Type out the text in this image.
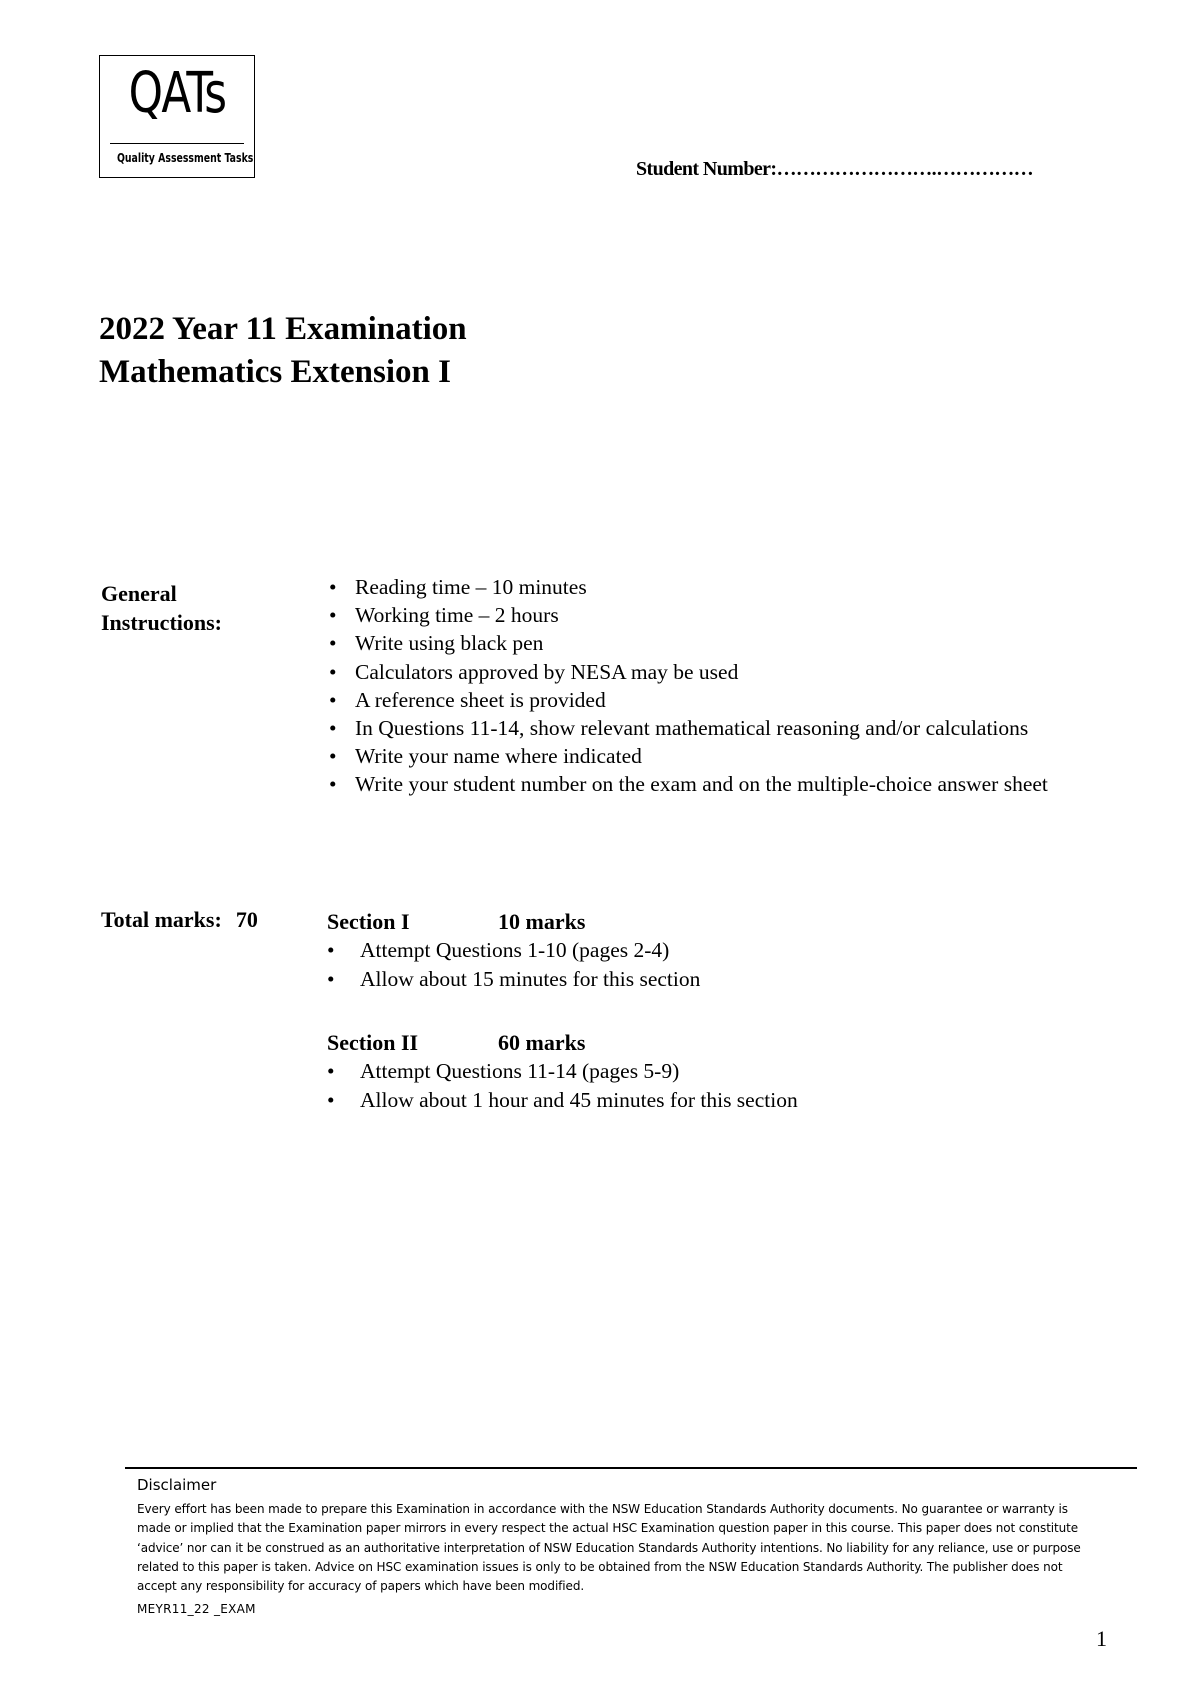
QATs
Quality Assessment Tasks	Student Number:…………………….……………
2022 Year 11 Examination
Mathematics Extension I
General
Instructions:
• Reading time – 10 minutes
• Working time – 2 hours
• Write using black pen
• Calculators approved by NESA may be used
• A reference sheet is provided
• In Questions 11-14, show relevant mathematical reasoning and/or calculations
• Write your name where indicated
• Write your student number on the exam and on the multiple-choice answer sheet
Total marks: 70	Section I	10 marks
• Attempt Questions 1-10 (pages 2-4)
• Allow about 15 minutes for this section
Section II	60 marks
• Attempt Questions 11-14 (pages 5-9)
• Allow about 1 hour and 45 minutes for this section
Disclaimer
Every effort has been made to prepare this Examination in accordance with the NSW Education Standards Authority documents. No guarantee or warranty is made or implied that the Examination paper mirrors in every respect the actual HSC Examination question paper in this course. This paper does not constitute ‘advice’ nor can it be construed as an authoritative interpretation of NSW Education Standards Authority intentions. No liability for any reliance, use or purpose related to this paper is taken. Advice on HSC examination issues is only to be obtained from the NSW Education Standards Authority. The publisher does not accept any responsibility for accuracy of papers which have been modified.
MEYR11_22 _EXAM
1
